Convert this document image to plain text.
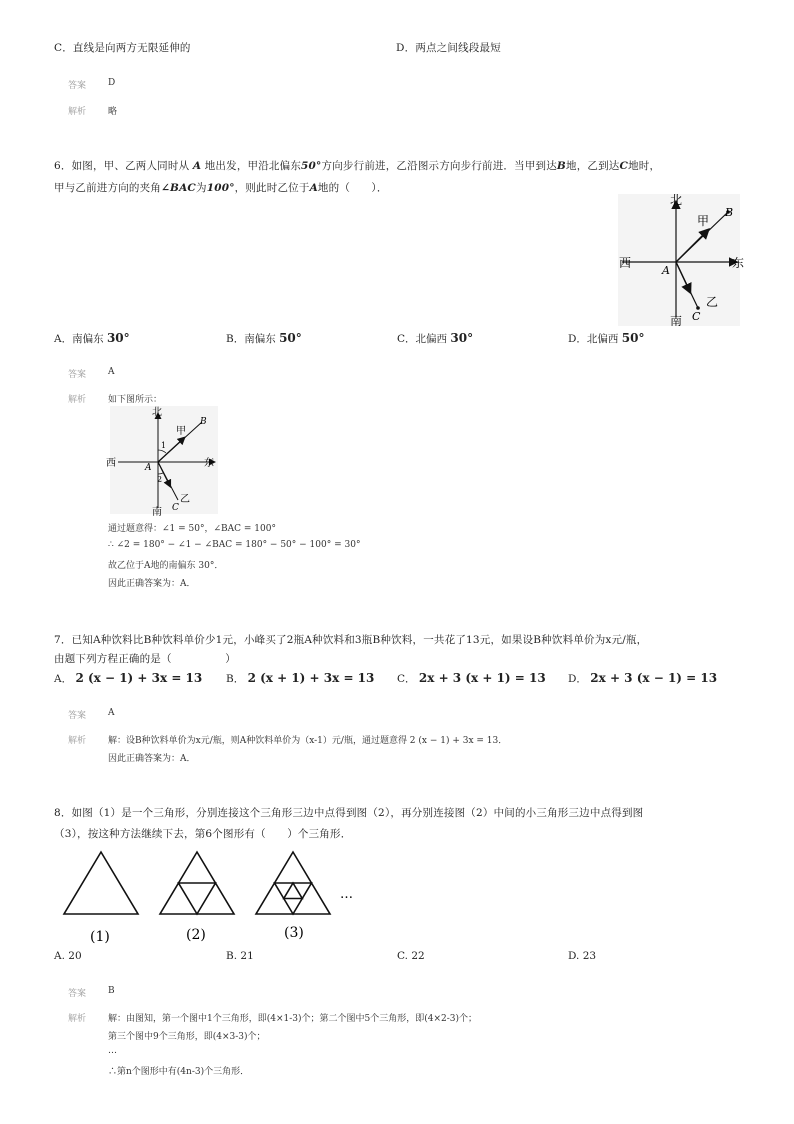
C．直线是向两方无限延伸的	D．两点之间线段最短
答案 D
解析 略
6．如图，甲、乙两人同时从 A 地出发，甲沿北偏东50°方向步行前进，乙沿图示方向步行前进．当甲到达B地，乙到达C地时，
甲与乙前进方向的夹角∠BAC为100°，则此时乙位于A地的（　　）．
北
南
东
西
甲
乙
A
B
C
A．南偏东 30°	B．南偏东 50°	C．北偏西 30°	D．北偏西 50°
答案 A
解析 如下图所示：
北
南
东
西
甲
乙
A
B
C
1
2
通过题意得：∠1 = 50°，∠BAC = 100°
∴ ∠2 = 180° − ∠1 − ∠BAC = 180° − 50° − 100° = 30°
故乙位于A地的南偏东 30°．
因此正确答案为：A．
7．已知A种饮料比B种饮料单价少1元，小峰买了2瓶A种饮料和3瓶B种饮料，一共花了13元，如果设B种饮料单价为x元/瓶，
由题下列方程正确的是（　　　　　）
A． 2 (x − 1) + 3x = 13 B． 2 (x + 1) + 3x = 13 C． 2x + 3 (x + 1) = 13 D． 2x + 3 (x − 1) = 13
答案 A
解析 解：设B种饮料单价为x元/瓶，则A种饮料单价为（x-1）元/瓶，通过题意得 2 (x − 1) + 3x = 13．
因此正确答案为：A．
8．如图（1）是一个三角形，分别连接这个三角形三边中点得到图（2），再分别连接图（2）中间的小三角形三边中点得到图
（3），按这种方法继续下去，第6个图形有（　　）个三角形．
…
(1)	(2)	(3)
A. 20	B. 21	C. 22	D. 23
答案 B
解析 解：由图知，第一个图中1个三角形，即(4×1-3)个；第二个图中5个三角形，即(4×2-3)个；
第三个图中9个三角形，即(4×3-3)个；
…
∴第n个图形中有(4n-3)个三角形．
